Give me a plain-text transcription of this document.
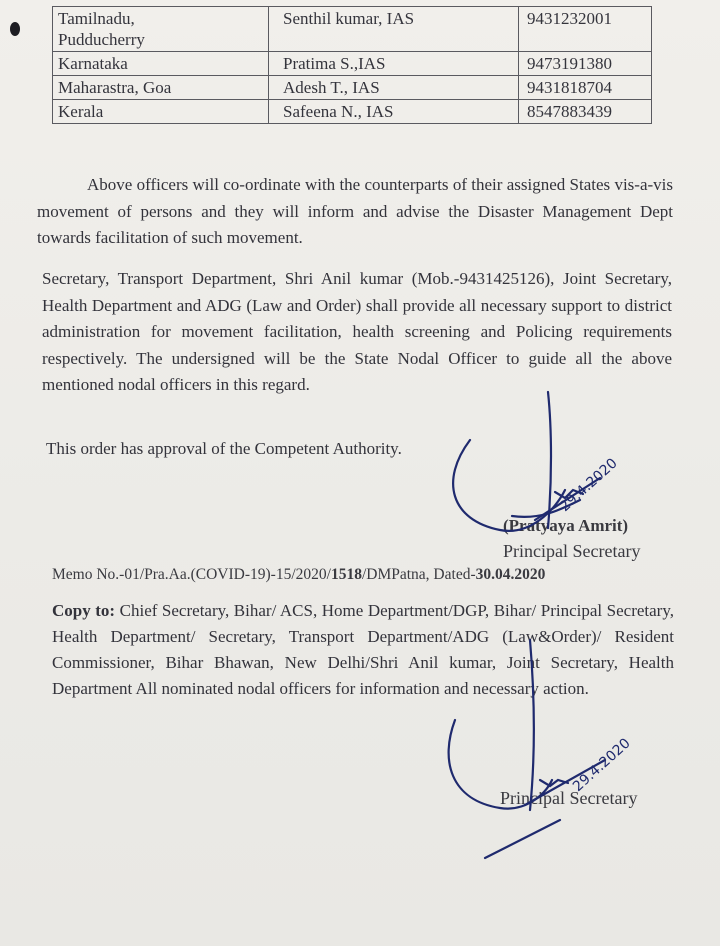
Tamilnadu,
Pudducherry	Senthil kumar, IAS	9431232001
Karnataka	Pratima S.,IAS	9473191380
Maharastra, Goa	Adesh T., IAS	9431818704
Kerala	Safeena N., IAS	8547883439
Above officers will co-ordinate with the counterparts of their assigned States vis-a-vis movement of persons and they will inform and advise the Disaster Management Dept towards facilitation of such movement.
Secretary, Transport Department, Shri Anil kumar (Mob.-9431425126), Joint Secretary, Health Department and ADG (Law and Order) shall provide all necessary support to district administration for movement facilitation, health screening and Policing requirements respectively. The undersigned will be the State Nodal Officer to guide all the above mentioned nodal officers in this regard.
This order has approval of the Competent Authority.
(Pratyaya Amrit)
Principal Secretary
Memo No.-01/Pra.Aa.(COVID-19)-15/2020/1518/DMPatna, Dated-30.04.2020
Copy to: Chief Secretary, Bihar/ ACS, Home Department/DGP, Bihar/ Principal Secretary, Health Department/ Secretary, Transport Department/ADG (Law&Order)/ Resident Commissioner, Bihar Bhawan, New Delhi/Shri Anil kumar, Joint Secretary, Health Department All nominated nodal officers for information and necessary action.
Principal Secretary
29.4.2020
29.4.2020
